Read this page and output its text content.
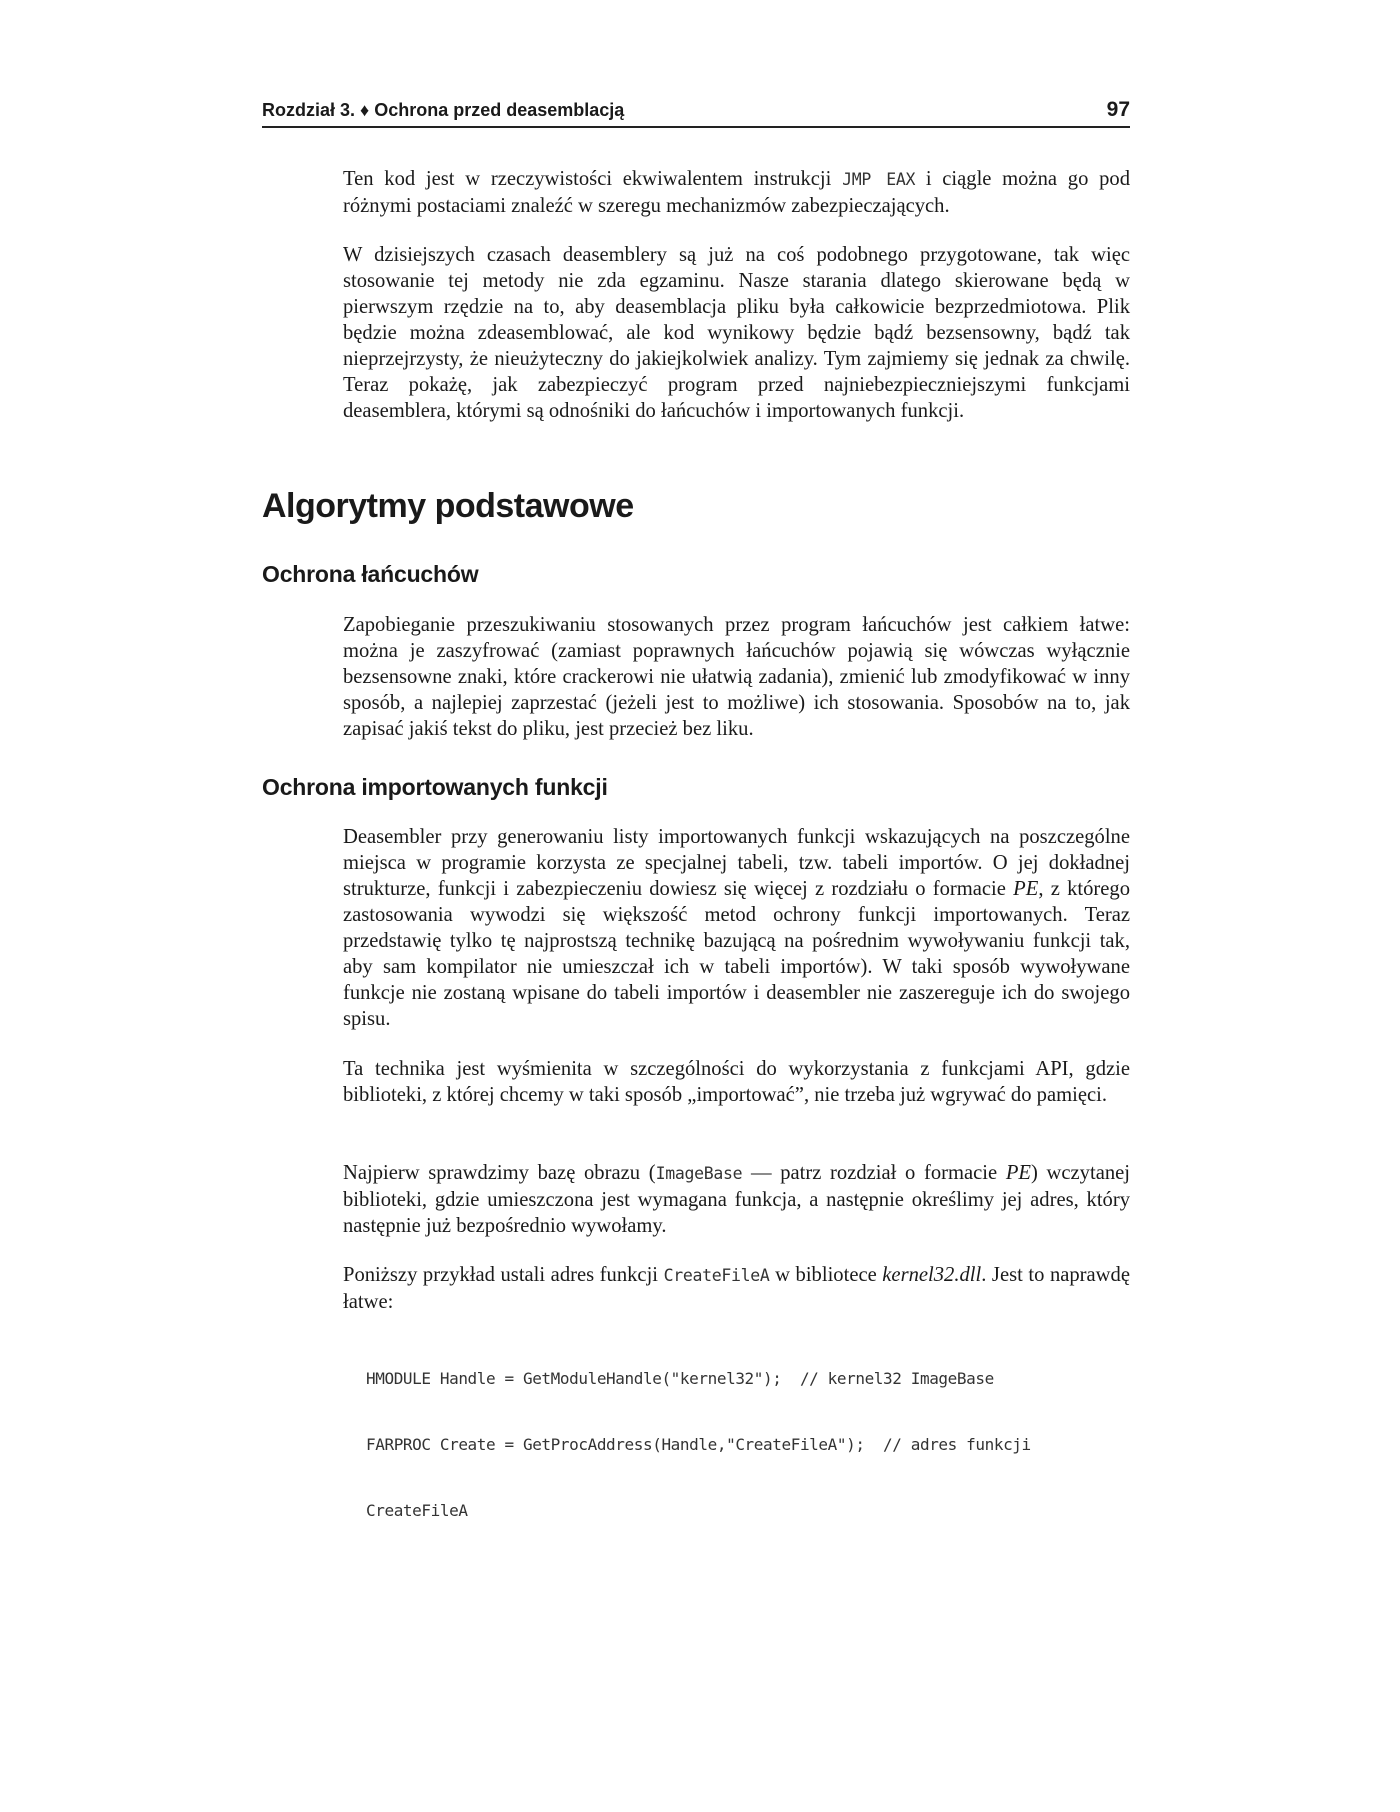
Rozdział 3. ♦ Ochrona przed deasemblacją	97

Ten kod jest w rzeczywistości ekwiwalentem instrukcji JMP EAX i ciągle można go pod różnymi postaciami znaleźć w szeregu mechanizmów zabezpieczających.

W dzisiejszych czasach deasemblery są już na coś podobnego przygotowane, tak więc stosowanie tej metody nie zda egzaminu. Nasze starania dlatego skierowane będą w pierwszym rzędzie na to, aby deasemblacja pliku była całkowicie bezprzedmiotowa. Plik będzie można zdeasemblować, ale kod wynikowy będzie bądź bezsensowny, bądź tak nieprzejrzysty, że nieużyteczny do jakiejkolwiek analizy. Tym zajmiemy się jednak za chwilę. Teraz pokażę, jak zabezpieczyć program przed najniebezpieczniejszymi funkcjami deasemblera, którymi są odnośniki do łańcuchów i importowanych funkcji.

Algorytmy podstawowe
Ochrona łańcuchów

Zapobieganie przeszukiwaniu stosowanych przez program łańcuchów jest całkiem łatwe: można je zaszyfrować (zamiast poprawnych łańcuchów pojawią się wówczas wyłącznie bezsensowne znaki, które crackerowi nie ułatwią zadania), zmienić lub zmodyfikować w inny sposób, a najlepiej zaprzestać (jeżeli jest to możliwe) ich stosowania. Sposobów na to, jak zapisać jakiś tekst do pliku, jest przecież bez liku.

Ochrona importowanych funkcji

Deasembler przy generowaniu listy importowanych funkcji wskazujących na poszczególne miejsca w programie korzysta ze specjalnej tabeli, tzw. tabeli importów. O jej dokładnej strukturze, funkcji i zabezpieczeniu dowiesz się więcej z rozdziału o formacie PE, z którego zastosowania wywodzi się większość metod ochrony funkcji importowanych. Teraz przedstawię tylko tę najprostszą technikę bazującą na pośrednim wywoływaniu funkcji tak, aby sam kompilator nie umieszczał ich w tabeli importów). W taki sposób wywoływane funkcje nie zostaną wpisane do tabeli importów i deasembler nie zaszereguje ich do swojego spisu.

Ta technika jest wyśmienita w szczególności do wykorzystania z funkcjami API, gdzie biblioteki, z której chcemy w taki sposób „importować”, nie trzeba już wgrywać do pamięci.

Najpierw sprawdzimy bazę obrazu (ImageBase — patrz rozdział o formacie PE) wczytanej biblioteki, gdzie umieszczona jest wymagana funkcja, a następnie określimy jej adres, który następnie już bezpośrednio wywołamy.

Poniższy przykład ustali adres funkcji CreateFileA w bibliotece kernel32.dll. Jest to naprawdę łatwe:

HMODULE Handle = GetModuleHandle("kernel32");  // kernel32 ImageBase

FARPROC Create = GetProcAddress(Handle,"CreateFileA");  // adres funkcji

CreateFileA
